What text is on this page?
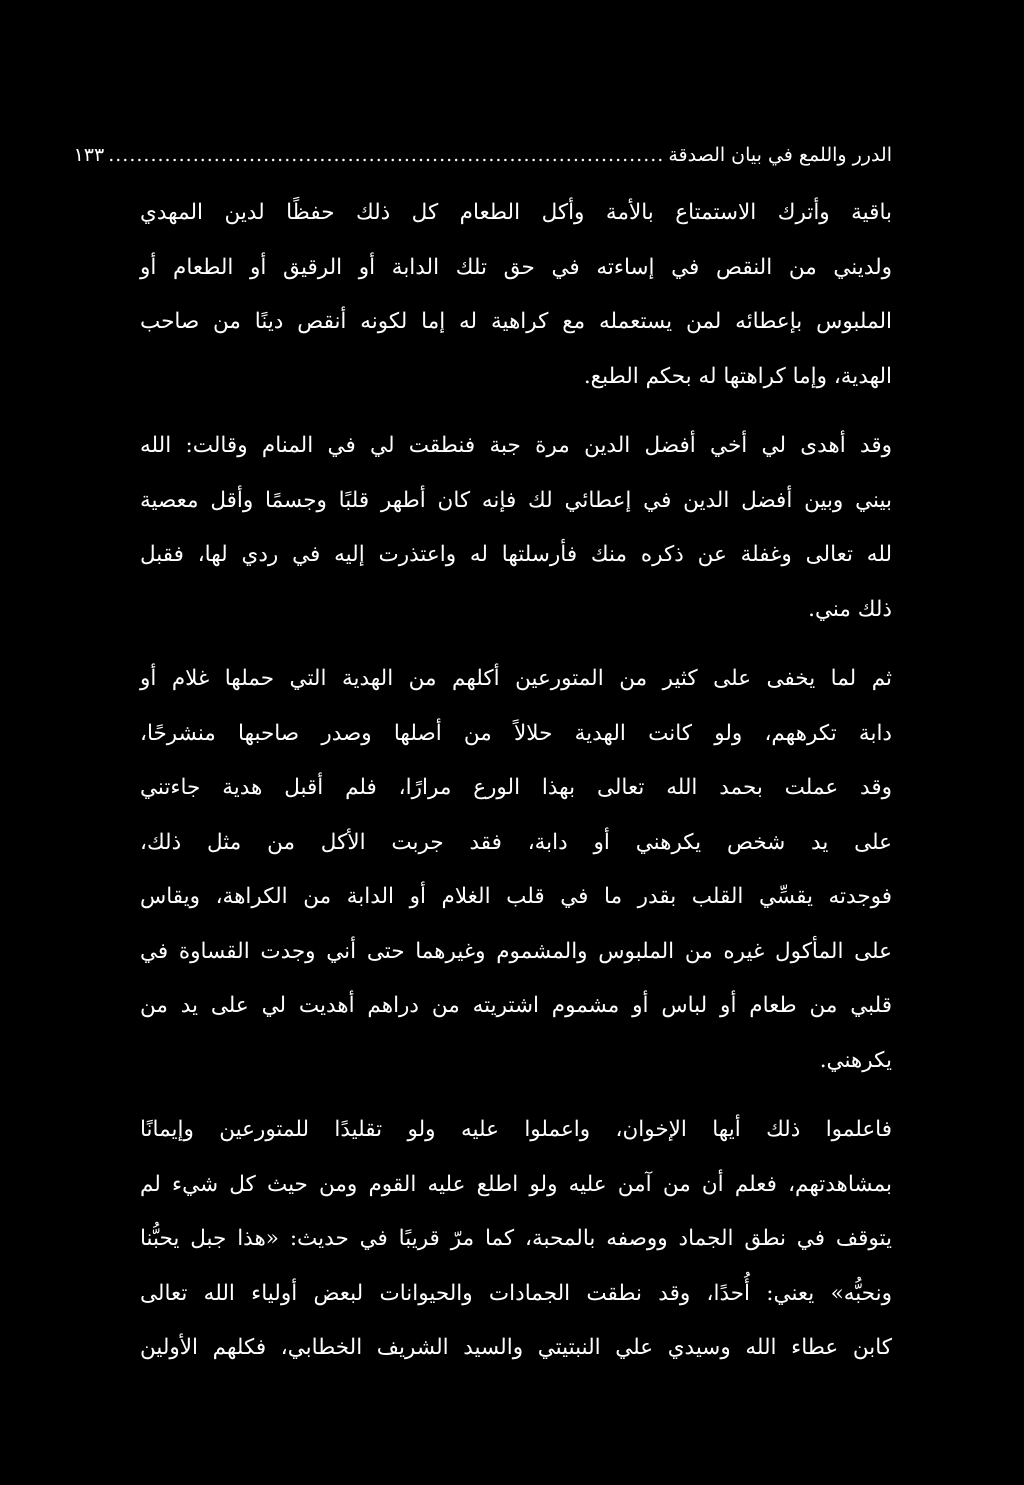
الدرر واللمع في بيان الصدقة
...............................................................................
١٣٣
باقية وأترك الاستمتاع بالأمة وأكل الطعام كل ذلك حفظًا لدين المهدي
ولديني من النقص في إساءته في حق تلك الدابة أو الرقيق أو الطعام أو
الملبوس بإعطائه لمن يستعمله مع كراهية له إما لكونه أنقص دينًا من صاحب
الهدية، وإما كراهتها له بحكم الطبع.
وقد أهدى لي أخي أفضل الدين مرة جبة فنطقت لي في المنام وقالت: الله
بيني وبين أفضل الدين في إعطائي لك فإنه كان أطهر قلبًا وجسمًا وأقل معصية
لله تعالى وغفلة عن ذكره منك فأرسلتها له واعتذرت إليه في ردي لها، فقبل
ذلك مني.
ثم لما يخفى على كثير من المتورعين أكلهم من الهدية التي حملها غلام أو
دابة تكرههم، ولو كانت الهدية حلالاً من أصلها وصدر صاحبها منشرحًا،
وقد عملت بحمد الله تعالى بهذا الورع مرارًا، فلم أقبل هدية جاءتني
على يد شخص يكرهني أو دابة، فقد جربت الأكل من مثل ذلك،
فوجدته يقسِّي القلب بقدر ما في قلب الغلام أو الدابة من الكراهة، ويقاس
على المأكول غيره من الملبوس والمشموم وغيرهما حتى أني وجدت القساوة في
قلبي من طعام أو لباس أو مشموم اشتريته من دراهم أهديت لي على يد من
يكرهني.
فاعلموا ذلك أيها الإخوان، واعملوا عليه ولو تقليدًا للمتورعين وإيمانًا
بمشاهدتهم، فعلم أن من آمن عليه ولو اطلع عليه القوم ومن حيث كل شيء لم
يتوقف في نطق الجماد ووصفه بالمحبة، كما مرّ قريبًا في حديث: «هذا جبل يحبُّنا
ونحبُّه» يعني: أُحدًا، وقد نطقت الجمادات والحيوانات لبعض أولياء الله تعالى
كابن عطاء الله وسيدي علي النبتيتي والسيد الشريف الخطابي، فكلهم الأولين
